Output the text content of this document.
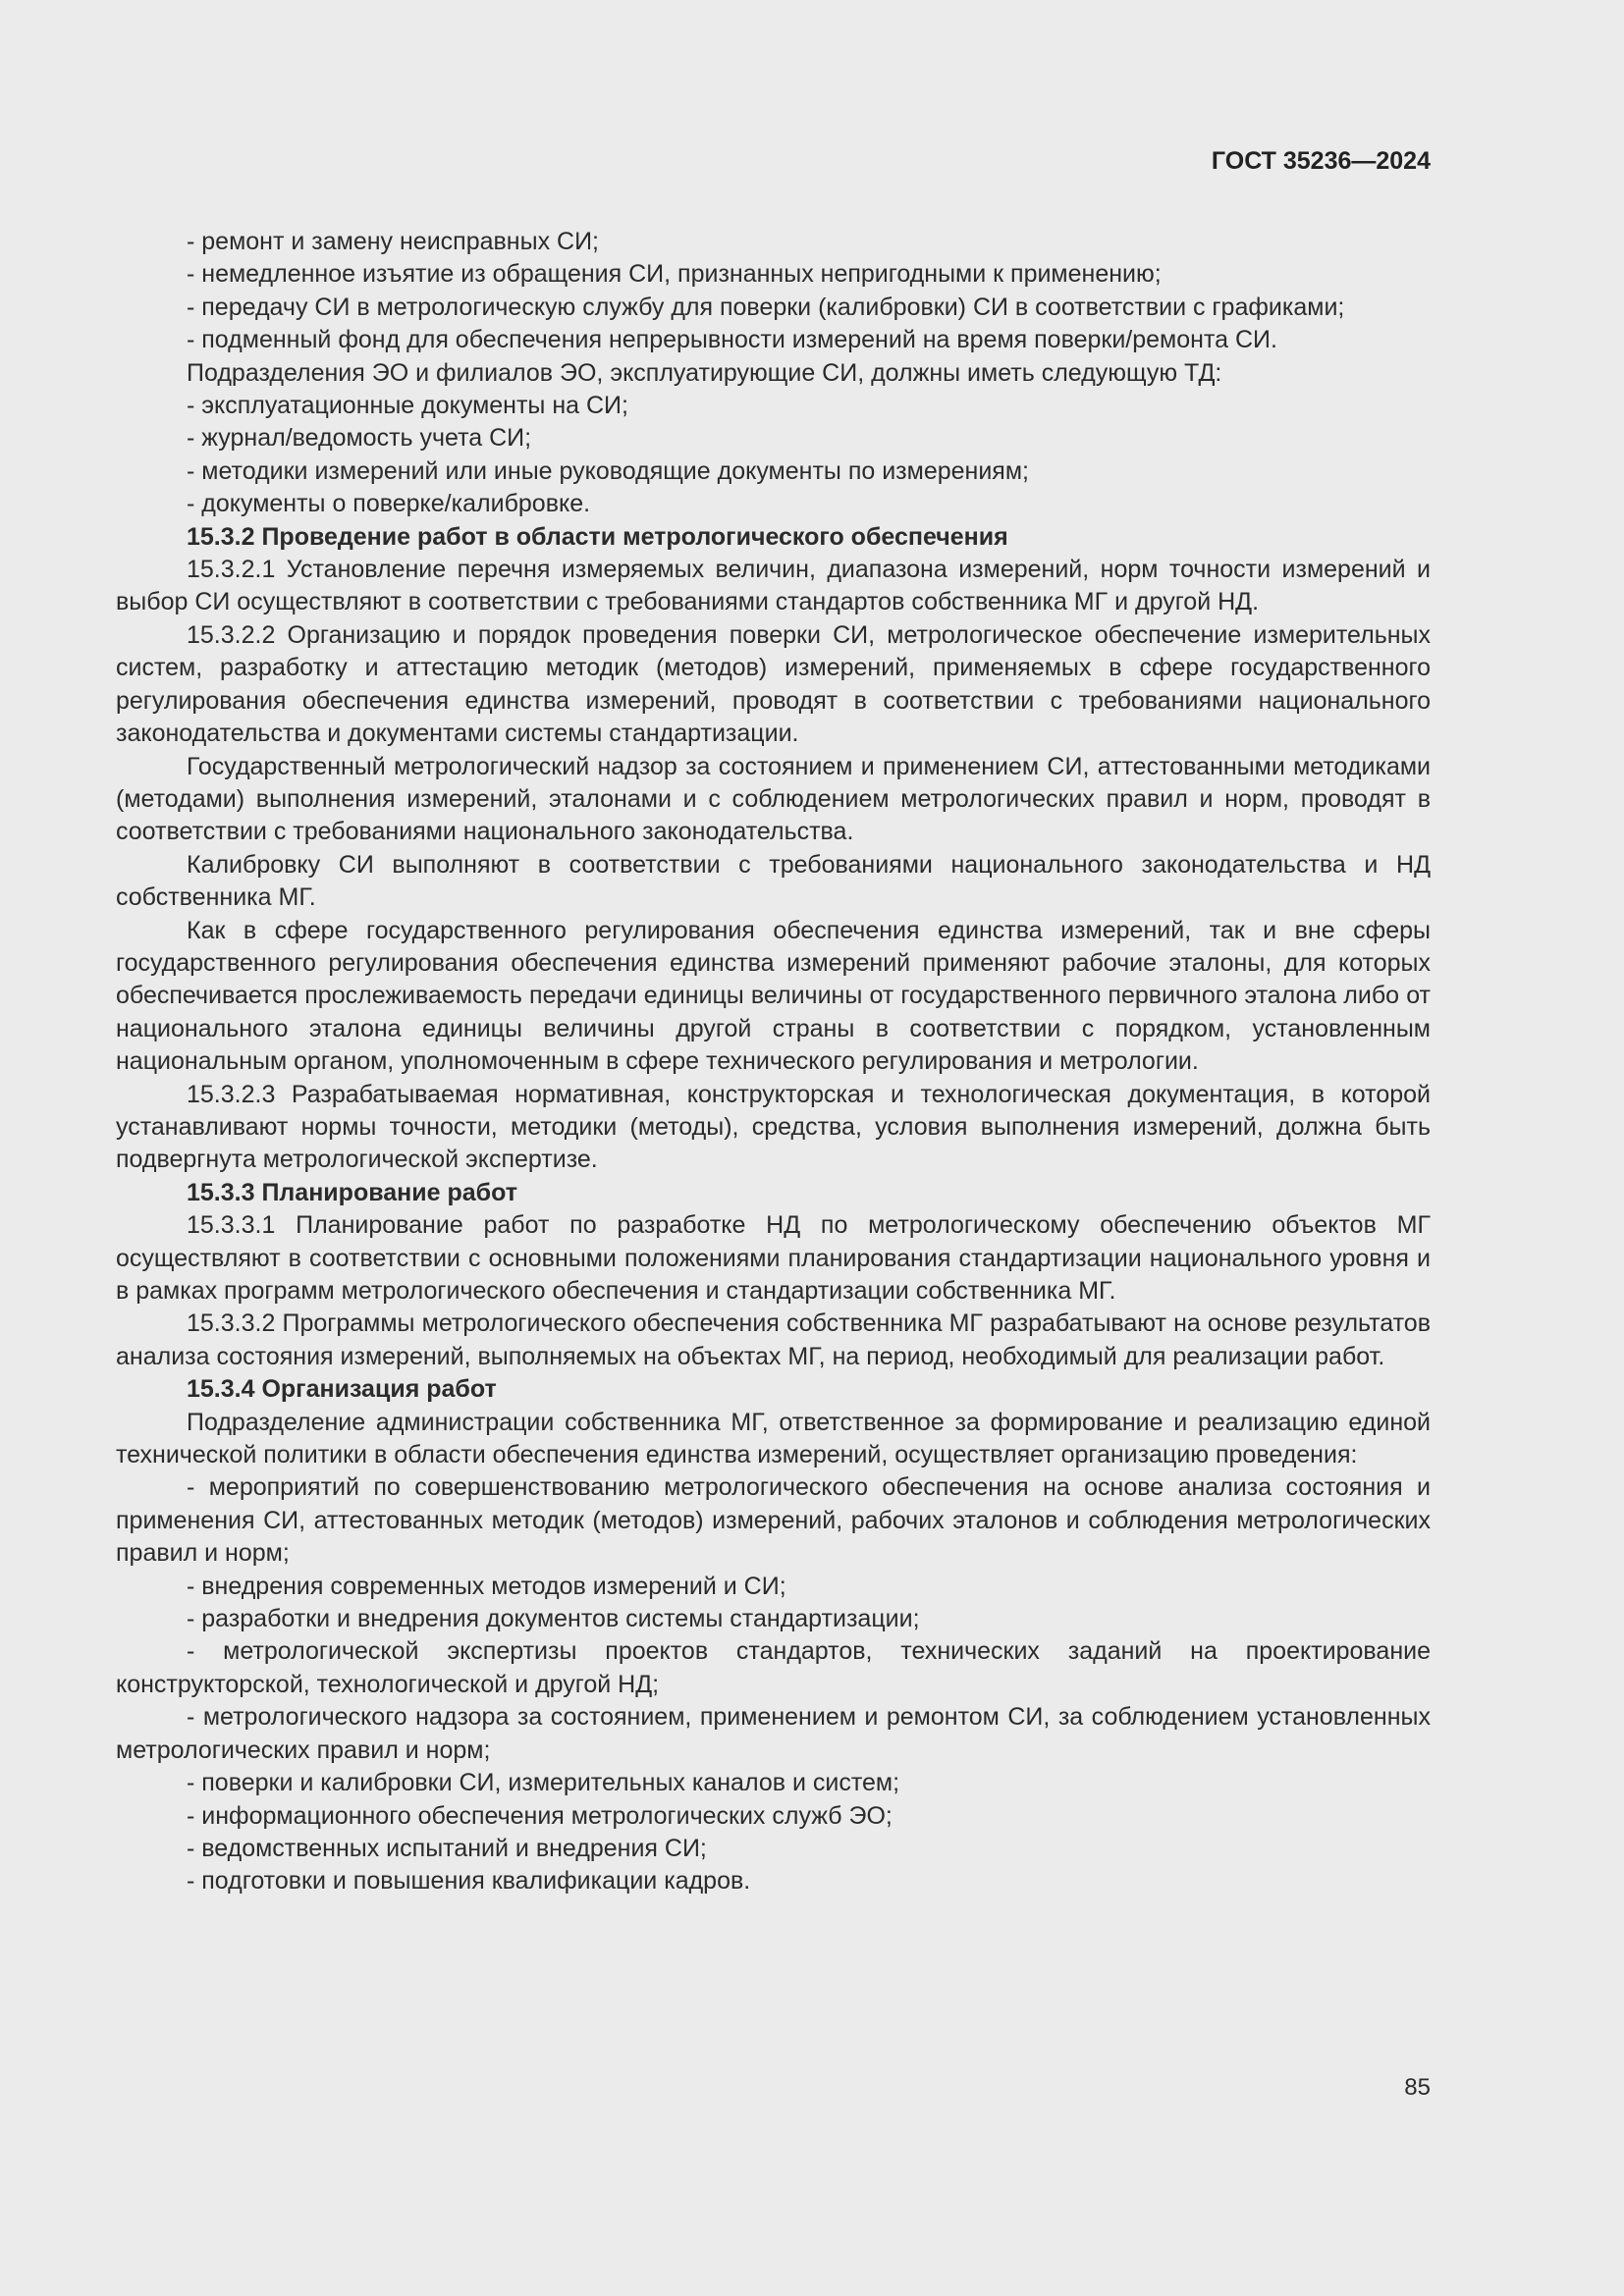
ГОСТ 35236—2024

- ремонт и замену неисправных СИ;

- немедленное изъятие из обращения СИ, признанных непригодными к применению;

- передачу СИ в метрологическую службу для поверки (калибровки) СИ в соответствии с графиками;

- подменный фонд для обеспечения непрерывности измерений на время поверки/ремонта СИ.

Подразделения ЭО и филиалов ЭО, эксплуатирующие СИ, должны иметь следующую ТД:

- эксплуатационные документы на СИ;

- журнал/ведомость учета СИ;

- методики измерений или иные руководящие документы по измерениям;

- документы о поверке/калибровке.

15.3.2 Проведение работ в области метрологического обеспечения

15.3.2.1 Установление перечня измеряемых величин, диапазона измерений, норм точности измерений и выбор СИ осуществляют в соответствии с требованиями стандартов собственника МГ и другой НД.

15.3.2.2 Организацию и порядок проведения поверки СИ, метрологическое обеспечение измерительных систем, разработку и аттестацию методик (методов) измерений, применяемых в сфере государственного регулирования обеспечения единства измерений, проводят в соответствии с требованиями национального законодательства и документами системы стандартизации.

Государственный метрологический надзор за состоянием и применением СИ, аттестованными методиками (методами) выполнения измерений, эталонами и с соблюдением метрологических правил и норм, проводят в соответствии с требованиями национального законодательства.

Калибровку СИ выполняют в соответствии с требованиями национального законодательства и НД собственника МГ.

Как в сфере государственного регулирования обеспечения единства измерений, так и вне сферы государственного регулирования обеспечения единства измерений применяют рабочие эталоны, для которых обеспечивается прослеживаемость передачи единицы величины от государственного первичного эталона либо от национального эталона единицы величины другой страны в соответствии с порядком, установленным национальным органом, уполномоченным в сфере технического регулирования и метрологии.

15.3.2.3 Разрабатываемая нормативная, конструкторская и технологическая документация, в которой устанавливают нормы точности, методики (методы), средства, условия выполнения измерений, должна быть подвергнута метрологической экспертизе.

15.3.3 Планирование работ

15.3.3.1 Планирование работ по разработке НД по метрологическому обеспечению объектов МГ осуществляют в соответствии с основными положениями планирования стандартизации национального уровня и в рамках программ метрологического обеспечения и стандартизации собственника МГ.

15.3.3.2 Программы метрологического обеспечения собственника МГ разрабатывают на основе результатов анализа состояния измерений, выполняемых на объектах МГ, на период, необходимый для реализации работ.

15.3.4 Организация работ

Подразделение администрации собственника МГ, ответственное за формирование и реализацию единой технической политики в области обеспечения единства измерений, осуществляет организацию проведения:

- мероприятий по совершенствованию метрологического обеспечения на основе анализа состояния и применения СИ, аттестованных методик (методов) измерений, рабочих эталонов и соблюдения метрологических правил и норм;

- внедрения современных методов измерений и СИ;

- разработки и внедрения документов системы стандартизации;

- метрологической экспертизы проектов стандартов, технических заданий на проектирование конструкторской, технологической и другой НД;

- метрологического надзора за состоянием, применением и ремонтом СИ, за соблюдением установленных метрологических правил и норм;

- поверки и калибровки СИ, измерительных каналов и систем;

- информационного обеспечения метрологических служб ЭО;

- ведомственных испытаний и внедрения СИ;

- подготовки и повышения квалификации кадров.

85
